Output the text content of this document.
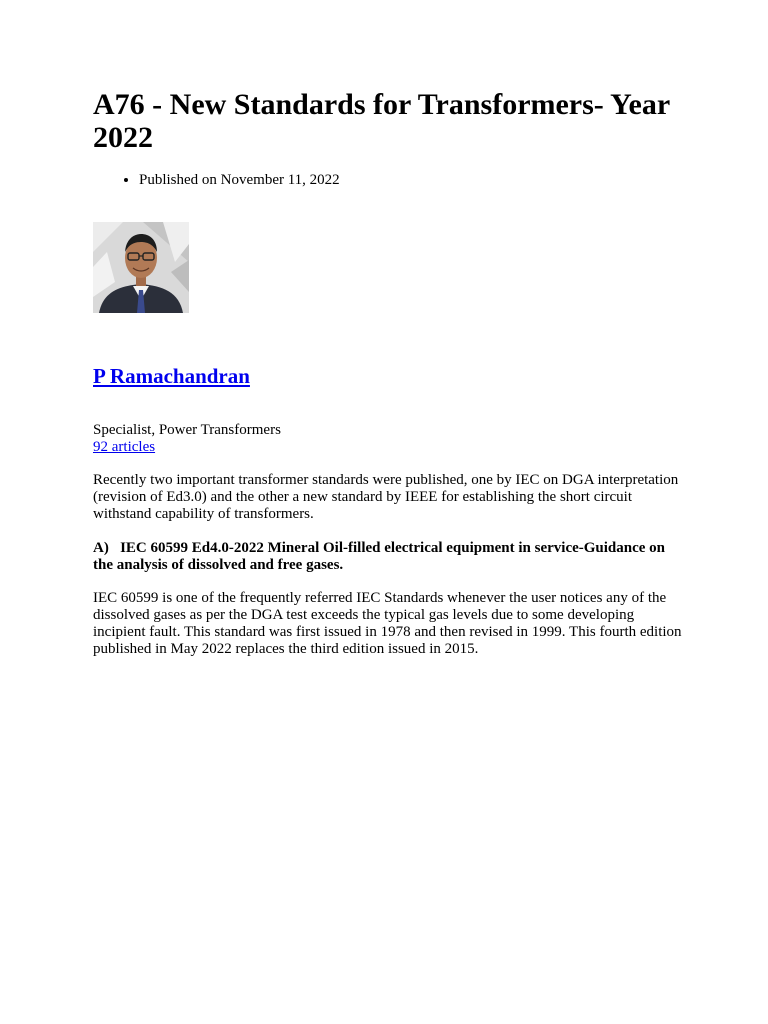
A76 - New Standards for Transformers- Year 2022
• Published on November 11, 2022
P Ramachandran
Specialist, Power Transformers
92 articles

Recently two important transformer standards were published, one by IEC on DGA interpretation (revision of Ed3.0) and the other a new standard by IEEE for establishing the short circuit withstand capability of transformers.

A) IEC 60599 Ed4.0-2022 Mineral Oil-filled electrical equipment in service-Guidance on the analysis of dissolved and free gases.

IEC 60599 is one of the frequently referred IEC Standards whenever the user notices any of the dissolved gases as per the DGA test exceeds the typical gas levels due to some developing incipient fault. This standard was first issued in 1978 and then revised in 1999. This fourth edition published in May 2022 replaces the third edition issued in 2015.
